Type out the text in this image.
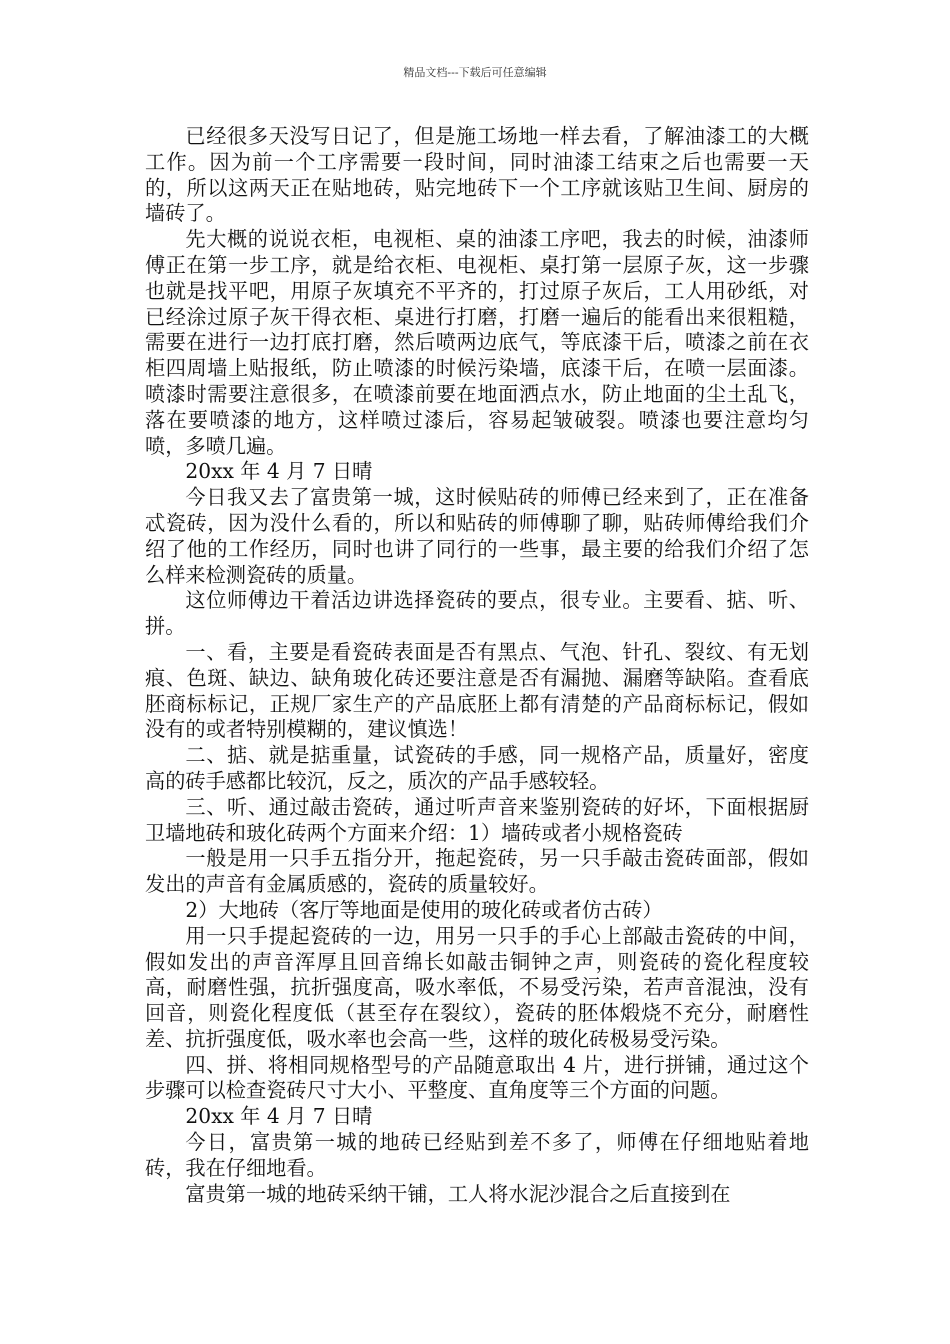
精品文档---下载后可任意编辑

已经很多天没写日记了，但是施工场地一样去看，了解油漆工的大概工作。因为前一个工序需要一段时间，同时油漆工结束之后也需要一天的，所以这两天正在贴地砖，贴完地砖下一个工序就该贴卫生间、厨房的墙砖了。

先大概的说说衣柜，电视柜、桌的油漆工序吧，我去的时候，油漆师傅正在第一步工序，就是给衣柜、电视柜、桌打第一层原子灰，这一步骤也就是找平吧，用原子灰填充不平齐的，打过原子灰后，工人用砂纸，对已经涂过原子灰干得衣柜、桌进行打磨，打磨一遍后的能看出来很粗糙，需要在进行一边打底打磨，然后喷两边底气，等底漆干后，喷漆之前在衣柜四周墙上贴报纸，防止喷漆的时候污染墙，底漆干后，在喷一层面漆。喷漆时需要注意很多，在喷漆前要在地面洒点水，防止地面的尘土乱飞，落在要喷漆的地方，这样喷过漆后，容易起皱破裂。喷漆也要注意均匀喷，多喷几遍。

20xx 年 4 月 7 日晴

今日我又去了富贵第一城，这时候贴砖的师傅已经来到了，正在准备忒瓷砖，因为没什么看的，所以和贴砖的师傅聊了聊，贴砖师傅给我们介绍了他的工作经历，同时也讲了同行的一些事，最主要的给我们介绍了怎么样来检测瓷砖的质量。

这位师傅边干着活边讲选择瓷砖的要点，很专业。主要看、掂、听、拼。

一、看，主要是看瓷砖表面是否有黑点、气泡、针孔、裂纹、有无划痕、色斑、缺边、缺角玻化砖还要注意是否有漏抛、漏磨等缺陷。查看底胚商标标记，正规厂家生产的产品底胚上都有清楚的产品商标标记，假如没有的或者特别模糊的，建议慎选！

二、掂、就是掂重量，试瓷砖的手感，同一规格产品，质量好，密度高的砖手感都比较沉，反之，质次的产品手感较轻。

三、听、通过敲击瓷砖，通过听声音来鉴别瓷砖的好坏，下面根据厨卫墙地砖和玻化砖两个方面来介绍：1）墙砖或者小规格瓷砖

一般是用一只手五指分开，拖起瓷砖，另一只手敲击瓷砖面部，假如发出的声音有金属质感的，瓷砖的质量较好。

2）大地砖（客厅等地面是使用的玻化砖或者仿古砖）

用一只手提起瓷砖的一边，用另一只手的手心上部敲击瓷砖的中间，假如发出的声音浑厚且回音绵长如敲击铜钟之声，则瓷砖的瓷化程度较高，耐磨性强，抗折强度高，吸水率低，不易受污染，若声音混浊，没有回音，则瓷化程度低（甚至存在裂纹），瓷砖的胚体煅烧不充分，耐磨性差、抗折强度低，吸水率也会高一些，这样的玻化砖极易受污染。

四、拼、将相同规格型号的产品随意取出 4 片，进行拼铺，通过这个步骤可以检查瓷砖尺寸大小、平整度、直角度等三个方面的问题。

20xx 年 4 月 7 日晴

今日，富贵第一城的地砖已经贴到差不多了，师傅在仔细地贴着地砖，我在仔细地看。

富贵第一城的地砖采纳干铺，工人将水泥沙混合之后直接到在
